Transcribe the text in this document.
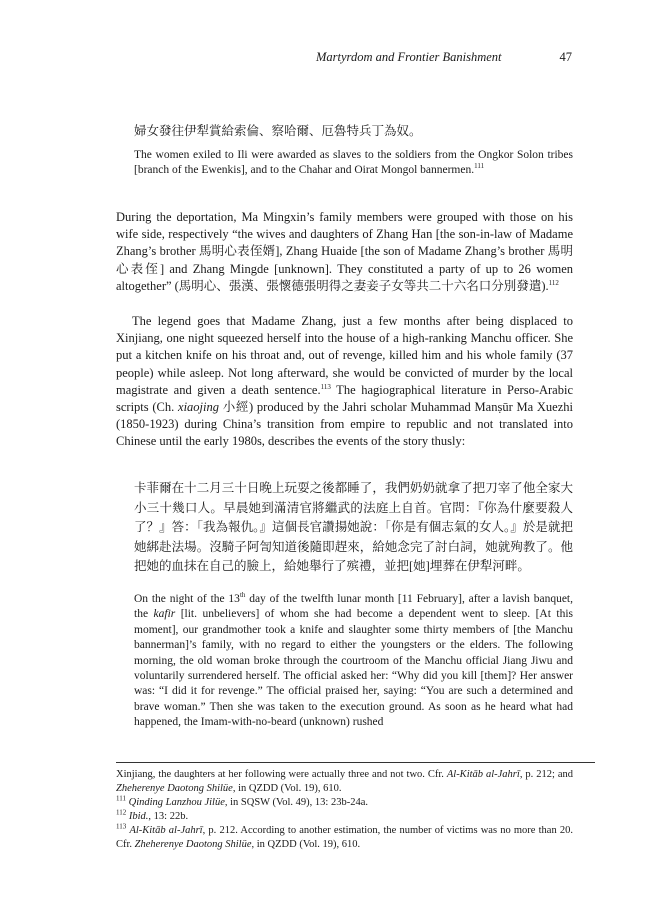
Martyrdom and Frontier Banishment	47

婦女發往伊犁賞給索倫、察哈爾、厄魯特兵丁為奴。

The women exiled to Ili were awarded as slaves to the soldiers from the Ongkor Solon tribes [branch of the Ewenkis], and to the Chahar and Oirat Mongol bannermen.$^{111}$

During the deportation, Ma Mingxin’s family members were grouped with those on his wife side, respectively “the wives and daughters of Zhang Han [the son-in-law of Madame Zhang’s brother 馬明心表侄婿], Zhang Huaide [the son of Madame Zhang’s brother 馬明心表侄] and Zhang Mingde [unknown]. They constituted a party of up to 26 women altogether” (馬明心、張漢、張懷德張明得之妻妾子女等共二十六名口分別發遣).$^{112}$

The legend goes that Madame Zhang, just a few months after being displaced to Xinjiang, one night squeezed herself into the house of a high-ranking Manchu officer. She put a kitchen knife on his throat and, out of revenge, killed him and his whole family (37 people) while asleep. Not long afterward, she would be convicted of murder by the local magistrate and given a death sentence.$^{113}$ The hagiographical literature in Perso-Arabic scripts (Ch. xiaojing 小經) produced by the Jahri scholar Muhammad Manṣūr Ma Xuezhi (1850-1923) during China’s transition from empire to republic and not translated into Chinese until the early 1980s, describes the events of the story thusly:

卡菲爾在十二月三十日晚上玩耍之後都睡了，我們奶奶就拿了把刀宰了他全家大小三十幾口人。早晨她到滿清官將繼武的法庭上自首。官問：『你為什麼要殺人了？』答：「我為報仇。』這個長官讚揚她說：「你是有個志氣的女人。』於是就把她綁赴法場。沒騎子阿訇知道後隨即趕來，給她念完了討白詞，她就殉教了。他把她的血抹在自己的臉上，給她舉行了殡禮，並把[她]埋葬在伊犁河畔。

On the night of the 13th day of the twelfth lunar month [11 February], after a lavish banquet, the kafir [lit. unbelievers] of whom she had become a dependent went to sleep. [At this moment], our grandmother took a knife and slaughter some thirty members of [the Manchu bannerman]’s family, with no regard to either the youngsters or the elders. The following morning, the old woman broke through the courtroom of the Manchu official Jiang Jiwu and voluntarily surrendered herself. The official asked her: “Why did you kill [them]? Her answer was: “I did it for revenge.” The official praised her, saying: “You are such a determined and brave woman.” Then she was taken to the execution ground. As soon as he heard what had happened, the Imam-with-no-beard (unknown) rushed

Xinjiang, the daughters at her following were actually three and not two. Cfr. Al-Kitāb al-Jahrī, p. 212; and Zheherenye Daotong Shilüe, in QZDD (Vol. 19), 610.

$^{111}$ Qinding Lanzhou Jilüe, in SQSW (Vol. 49), 13: 23b-24a.

$^{112}$ Ibid., 13: 22b.

$^{113}$ Al-Kitāb al-Jahrī, p. 212. According to another estimation, the number of victims was no more than 20. Cfr. Zheherenye Daotong Shilüe, in QZDD (Vol. 19), 610.
